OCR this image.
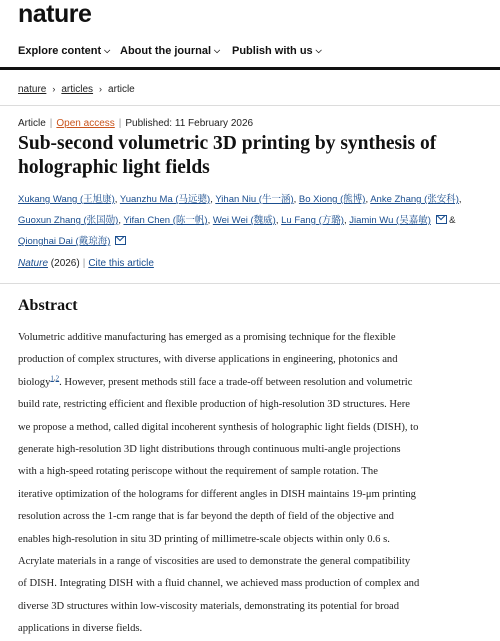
nature
Explore content ⌵ About the journal ⌵ Publish with us ⌵
nature › articles › article
Article | Open access | Published: 11 February 2026
Sub-second volumetric 3D printing by synthesis of holographic light fields
Xukang Wang (王旭康), Yuanzhu Ma (马远骢), Yihan Niu (牛一涵), Bo Xiong (熊博), Anke Zhang (张安科), Guoxun Zhang (张国勋), Yifan Chen (陈一帆), Wei Wei (魏威), Lu Fang (方璐), Jiamin Wu (吴嘉敏)  & Qionghai Dai (戴琼海)
Nature (2026) | Cite this article
Abstract

Volumetric additive manufacturing has emerged as a promising technique for the flexible
production of complex structures, with diverse applications in engineering, photonics and
biology$^{1,2}$. However, present methods still face a trade-off between resolution and volumetric
build rate, restricting efficient and flexible production of high-resolution 3D structures. Here
we propose a method, called digital incoherent synthesis of holographic light fields (DISH), to
generate high-resolution 3D light distributions through continuous multi-angle projections
with a high-speed rotating periscope without the requirement of sample rotation. The
iterative optimization of the holograms for different angles in DISH maintains 19-μm printing
resolution across the 1-cm range that is far beyond the depth of field of the objective and
enables high-resolution in situ 3D printing of millimetre-scale objects within only 0.6 s.
Acrylate materials in a range of viscosities are used to demonstrate the general compatibility
of DISH. Integrating DISH with a fluid channel, we achieved mass production of complex and
diverse 3D structures within low-viscosity materials, demonstrating its potential for broad
applications in diverse fields.
